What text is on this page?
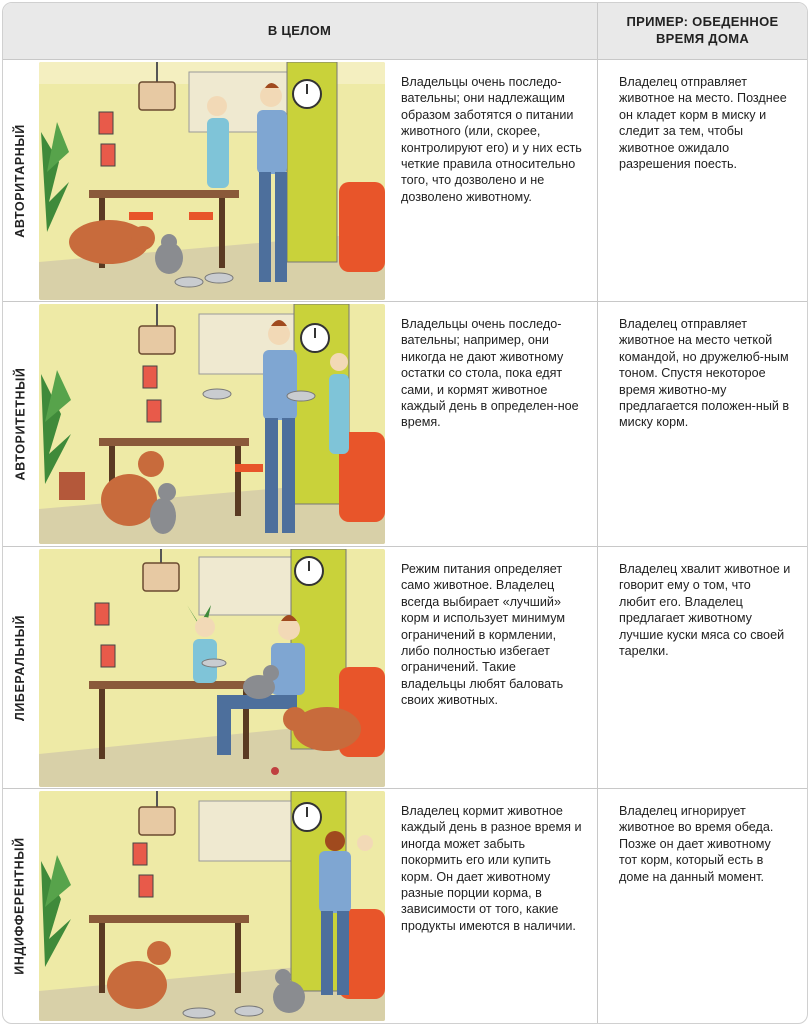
В ЦЕЛОМ
ПРИМЕР: ОБЕДЕННОЕ ВРЕМЯ ДОМА
АВТОРИТАРНЫЙ
Владельцы очень последо-вательны; они надлежащим образом заботятся о питании животного (или, скорее, контролируют его) и у них есть четкие правила относительно того, что дозволено и не дозволено животному.
Владелец отправляет животное на место. Позднее он кладет корм в миску и следит за тем, чтобы животное ожидало разрешения поесть.
АВТОРИТЕТНЫЙ
Владельцы очень последо-вательны; например, они никогда не дают животному остатки со стола, пока едят сами, и кормят животное каждый день в определен-ное время.
Владелец отправляет животное на место четкой командой, но дружелюб-ным тоном. Спустя некоторое время животно-му предлагается положен-ный в миску корм.
ЛИБЕРАЛЬНЫЙ
Режим питания определяет само животное. Владелец всегда выбирает «лучший» корм и использует минимум ограничений в кормлении, либо полностью избегает ограничений. Такие владельцы любят баловать своих животных.
Владелец хвалит животное и говорит ему о том, что любит его. Владелец предлагает животному лучшие куски мяса со своей тарелки.
ИНДИФФЕРЕНТНЫЙ
Владелец кормит животное каждый день в разное время и иногда может забыть покормить его или купить корм. Он дает животному разные порции корма, в зависимости от того, какие продукты имеются в наличии.
Владелец игнорирует животное во время обеда. Позже он дает животному тот корм, который есть в доме на данный момент.
